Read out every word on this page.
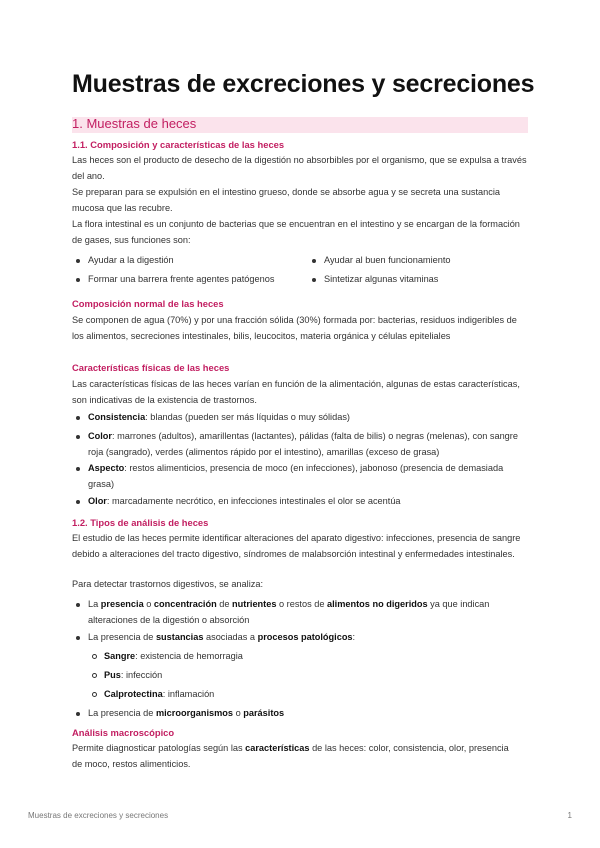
Muestras de excreciones y secreciones
1. Muestras de heces
1.1. Composición y características de las heces

Las heces son el producto de desecho de la digestión no absorbibles por el organismo, que se expulsa a través del ano.

Se preparan para se expulsión en el intestino grueso, donde se absorbe agua y se secreta una sustancia mucosa que las recubre.

La flora intestinal es un conjunto de bacterias que se encuentran en el intestino y se encargan de la formación de gases, sus funciones son:

Ayudar a la digestión	Ayudar al buen funcionamiento
Formar una barrera frente agentes patógenos	Sintetizar algunas vitaminas
Composición normal de las heces

Se componen de agua (70%) y por una fracción sólida (30%) formada por: bacterias, residuos indigeribles de los alimentos, secreciones intestinales, bilis, leucocitos, materia orgánica y células epiteliales

Características físicas de las heces

Las características físicas de las heces varían en función de la alimentación, algunas de estas características, son indicativas de la existencia de trastornos.

Consistencia: blandas (pueden ser más líquidas o muy sólidas)
Color: marrones (adultos), amarillentas (lactantes), pálidas (falta de bilis) o negras (melenas), con sangre roja (sangrado), verdes (alimentos rápido por el intestino), amarillas (exceso de grasa)
Aspecto: restos alimenticios, presencia de moco (en infecciones), jabonoso (presencia de demasiada grasa)
Olor: marcadamente necrótico, en infecciones intestinales el olor se acentúa
1.2. Tipos de análisis de heces

El estudio de las heces permite identificar alteraciones del aparato digestivo: infecciones, presencia de sangre debido a alteraciones del tracto digestivo, síndromes de malabsorción intestinal y enfermedades intestinales.

Para detectar trastornos digestivos, se analiza:

La presencia o concentración de nutrientes o restos de alimentos no digeridos ya que indican alteraciones de la digestión o absorción
La presencia de sustancias asociadas a procesos patológicos:
Sangre: existencia de hemorragia
Pus: infección
Calprotectina: inflamación
La presencia de microorganismos o parásitos
Análisis macroscópico

Permite diagnosticar patologías según las características de las heces: color, consistencia, olor, presencia de moco, restos alimenticios.

Muestras de excreciones y secreciones	1
